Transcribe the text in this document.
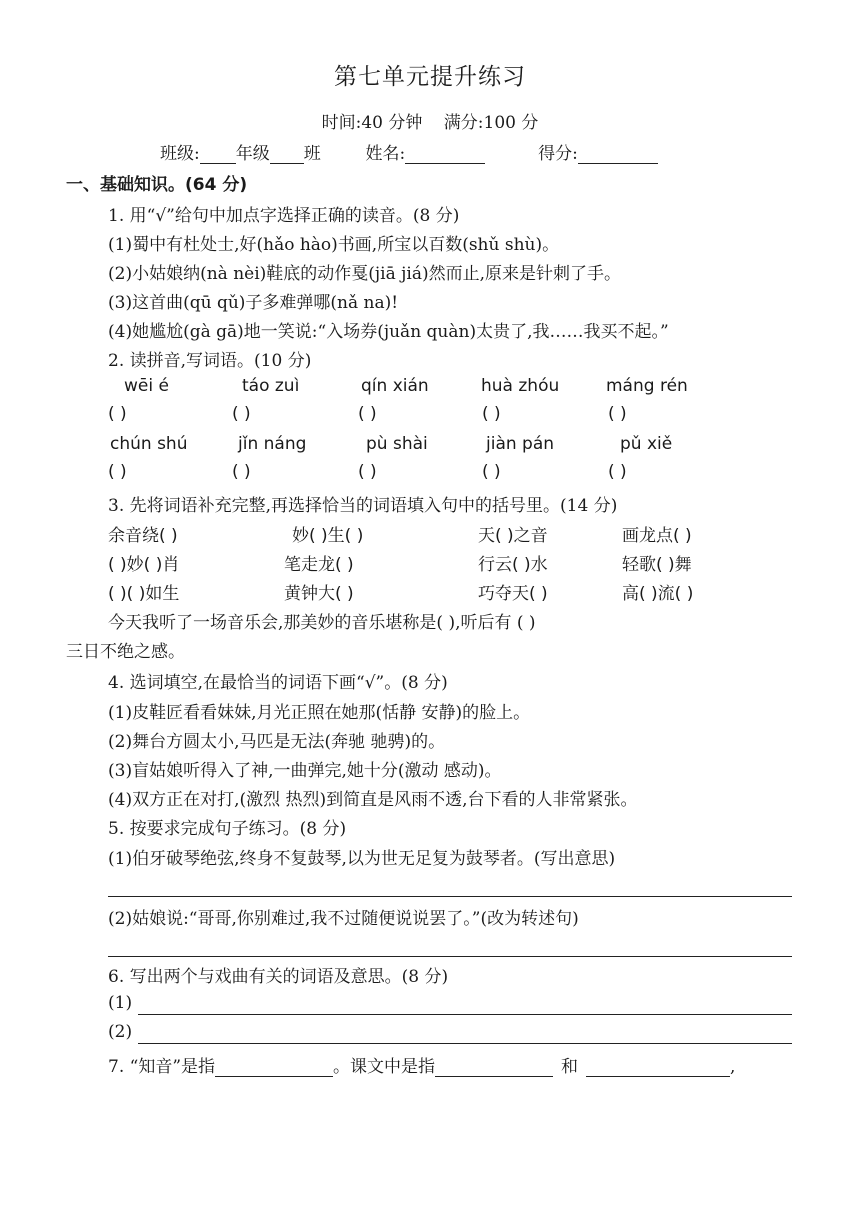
第七单元提升练习
时间:40 分钟 满分:100 分
班级: 年级 班	姓名:	得分:
一、基础知识。(64 分)
1. 用“√”给句中加点字选择正确的读音。(8 分)
(1)蜀中有杜处士,好(hǎo hào)书画,所宝以百数(shǔ shù)。
(2)小姑娘纳(nà nèi)鞋底的动作戛(jiā jiá)然而止,原来是针刺了手。
(3)这首曲(qū qǔ)子多难弹哪(nǎ na)!
(4)她尴尬(gà gā)地一笑说:“入场券(juǎn quàn)太贵了,我……我买不起。”
2. 读拼音,写词语。(10 分)
wēi é	táo zuì	qín xián	huà zhóu	máng rén
( )	( )	( )	( )	( )
chún shú	jǐn náng	pù shài	jiàn pán	pǔ xiě
( )	( )	( )	( )	( )
3. 先将词语补充完整,再选择恰当的词语填入句中的括号里。(14 分)
余音绕( )	妙( )生( )	天( )之音	画龙点( )
( )妙( )肖	笔走龙( )	行云( )水	轻歌( )舞
( )( )如生	黄钟大( )	巧夺天( )	高( )流( )
今天我听了一场音乐会,那美妙的音乐堪称是( ),听后有 ( )
三日不绝之感。
4. 选词填空,在最恰当的词语下画“√”。(8 分)
(1)皮鞋匠看看妹妹,月光正照在她那(恬静 安静)的脸上。
(2)舞台方圆太小,马匹是无法(奔驰 驰骋)的。
(3)盲姑娘听得入了神,一曲弹完,她十分(激动 感动)。
(4)双方正在对打,(激烈 热烈)到简直是风雨不透,台下看的人非常紧张。
5. 按要求完成句子练习。(8 分)
(1)伯牙破琴绝弦,终身不复鼓琴,以为世无足复为鼓琴者。(写出意思)
(2)姑娘说:“哥哥,你别难过,我不过随便说说罢了。”(改为转述句)
6. 写出两个与戏曲有关的词语及意思。(8 分)
(1)
(2)
7. “知音”是指	。课文中是指	和	,
